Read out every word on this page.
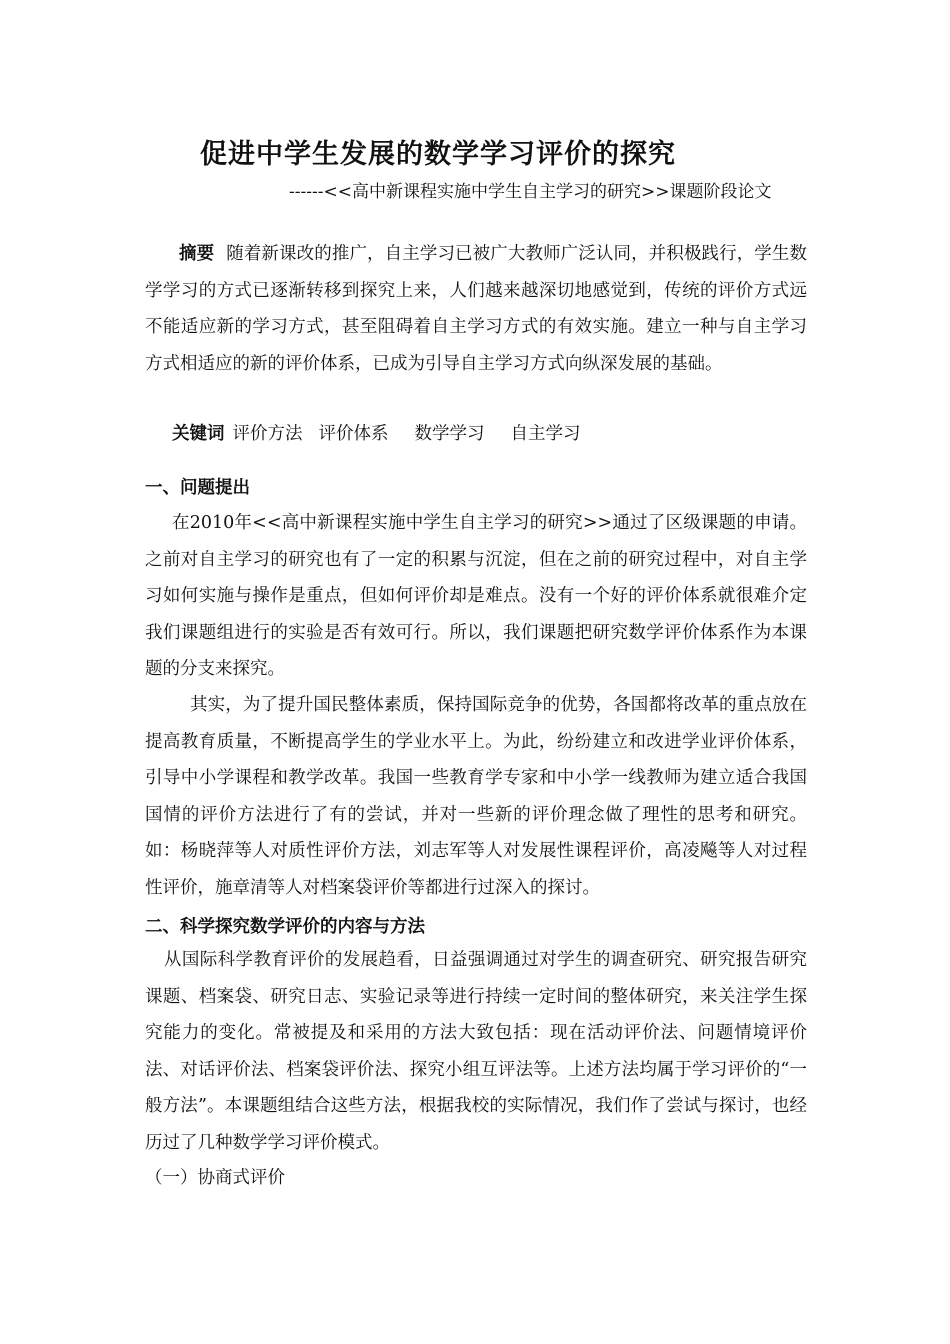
促进中学生发展的数学学习评价的探究
------<<高中新课程实施中学生自主学习的研究>>课题阶段论文
摘要 随着新课改的推广，自主学习已被广大教师广泛认同，并积极践行，学生数学学习的方式已逐渐转移到探究上来，人们越来越深切地感觉到，传统的评价方式远不能适应新的学习方式，甚至阻碍着自主学习方式的有效实施。建立一种与自主学习方式相适应的新的评价体系，已成为引导自主学习方式向纵深发展的基础。
关键词 评价方法 评价体系 数学学习 自主学习
一、问题提出
在2010年<<高中新课程实施中学生自主学习的研究>>通过了区级课题的申请。之前对自主学习的研究也有了一定的积累与沉淀，但在之前的研究过程中，对自主学习如何实施与操作是重点，但如何评价却是难点。没有一个好的评价体系就很难介定我们课题组进行的实验是否有效可行。所以，我们课题把研究数学评价体系作为本课题的分支来探究。
其实，为了提升国民整体素质，保持国际竞争的优势，各国都将改革的重点放在提高教育质量，不断提高学生的学业水平上。为此，纷纷建立和改进学业评价体系，引导中小学课程和教学改革。我国一些教育学专家和中小学一线教师为建立适合我国国情的评价方法进行了有的尝试，并对一些新的评价理念做了理性的思考和研究。如：杨晓萍等人对质性评价方法，刘志军等人对发展性课程评价，高凌飚等人对过程性评价，施章清等人对档案袋评价等都进行过深入的探讨。
二、科学探究数学评价的内容与方法
从国际科学教育评价的发展趋看，日益强调通过对学生的调查研究、研究报告研究课题、档案袋、研究日志、实验记录等进行持续一定时间的整体研究，来关注学生探究能力的变化。常被提及和采用的方法大致包括：现在活动评价法、问题情境评价法、对话评价法、档案袋评价法、探究小组互评法等。上述方法均属于学习评价的“一般方法”。本课题组结合这些方法，根据我校的实际情况，我们作了尝试与探讨，也经历过了几种数学学习评价模式。
（一）协商式评价
